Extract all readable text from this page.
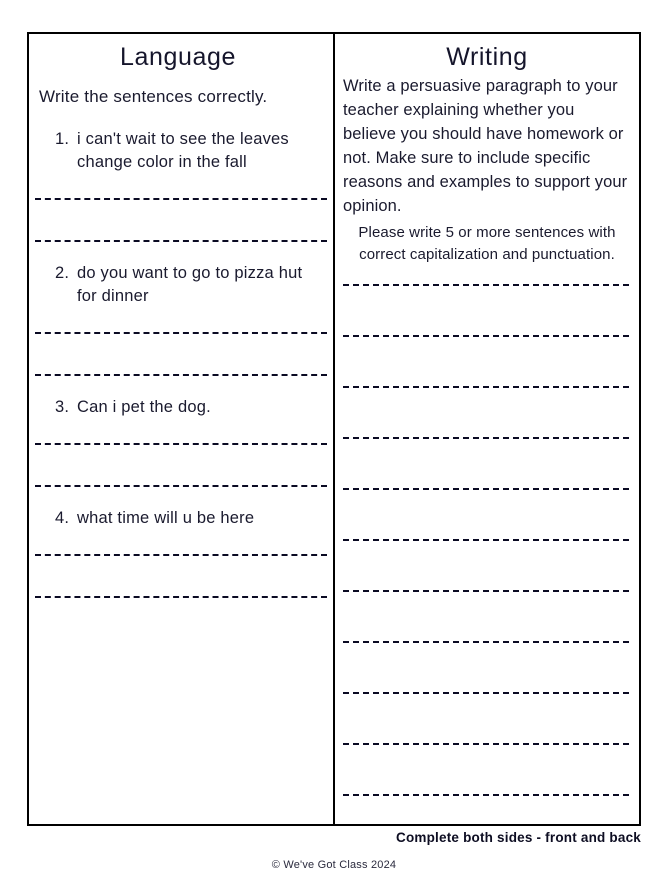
Language
Write the sentences correctly.
1. i can't wait to see the leaves change color in the fall
2. do you want to go to pizza hut for dinner
3. Can i pet the dog.
4. what time will u be here
Writing
Write a persuasive paragraph to your teacher explaining whether you believe you should have homework or not. Make sure to include specific reasons and examples to support your opinion.
Please write 5 or more sentences with correct capitalization and punctuation.
Complete both sides - front and back
© We've Got Class 2024
